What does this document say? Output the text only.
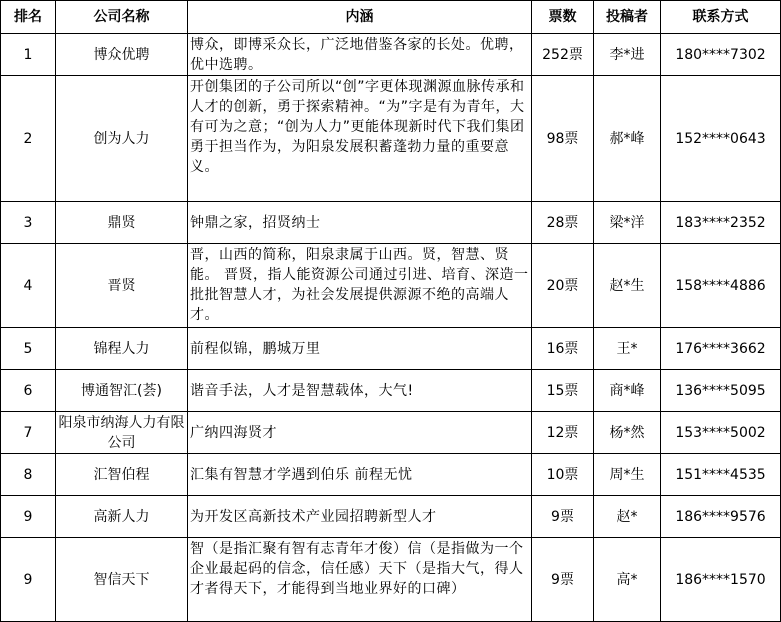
排名	公司名称	内涵	票数	投稿者	联系方式
1	博众优聘	博众，即博采众长，广泛地借鉴各家的长处。优聘，优中选聘。	252票	李*进	180****7302
2	创为人力	开创集团的子公司所以“创”字更体现渊源血脉传承和人才的创新，勇于探索精神。“为”字是有为青年，大有可为之意；“创为人力”更能体现新时代下我们集团勇于担当作为，为阳泉发展积蓄蓬勃力量的重要意义。	98票	郝*峰	152****0643
3	鼎贤	钟鼎之家，招贤纳士	28票	梁*洋	183****2352
4	晋贤	晋，山西的简称，阳泉隶属于山西。贤，智慧、贤能。 晋贤，指人能资源公司通过引进、培育、深造一批批智慧人才，为社会发展提供源源不绝的高端人才。	20票	赵*生	158****4886
5	锦程人力	前程似锦，鹏城万里	16票	王*	176****3662
6	博通智汇(荟)	谐音手法，人才是智慧载体，大气!	15票	商*峰	136****5095
7	阳泉市纳海人力有限公司	广纳四海贤才	12票	杨*然	153****5002
8	汇智伯程	汇集有智慧才学遇到伯乐 前程无忧	10票	周*生	151****4535
9	高新人力	为开发区高新技术产业园招聘新型人才	9票	赵*	186****9576
9	智信天下	智（是指汇聚有智有志青年才俊）信（是指做为一个企业最起码的信念，信任感）天下（是指大气，得人才者得天下，才能得到当地业界好的口碑）	9票	高*	186****1570
